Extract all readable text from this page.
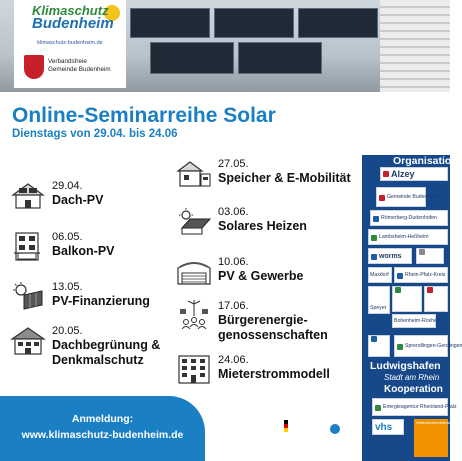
Klimaschutz
Budenheim
klimaschutz-budenheim.de
Verbandsfreie
Gemeinde Budenheim
Online-Seminarreihe Solar
Dienstags von 29.04. bis 24.06
29.04.
Dach-PV
06.05.
Balkon-PV
13.05.
PV-Finanzierung
20.05.
Dachbegrünung &
Denkmalschutz
27.05.
Speicher & E-Mobilität
03.06.
Solares Heizen
10.06.
PV & Gewerbe
17.06.
Bürgerenergie-
genossenschaften
24.06.
Mieterstrommodell
Organisation
Alzey
Gemeinde Budenheim
Römerberg-Dudenhofen
Lambsheim-Heßheim
worms
Maxdorf	Rhein-Pfalz-Kreis
Speyer
Bobenheim-Roxheim
Sprendlingen-Gensingen
Ludwigshafen
Stadt am Rhein
Kooperation
Energieagentur Rheinland-Pfalz
vhs	Verbraucherzentrale
Anmeldung:
www.klimaschutz-budenheim.de
